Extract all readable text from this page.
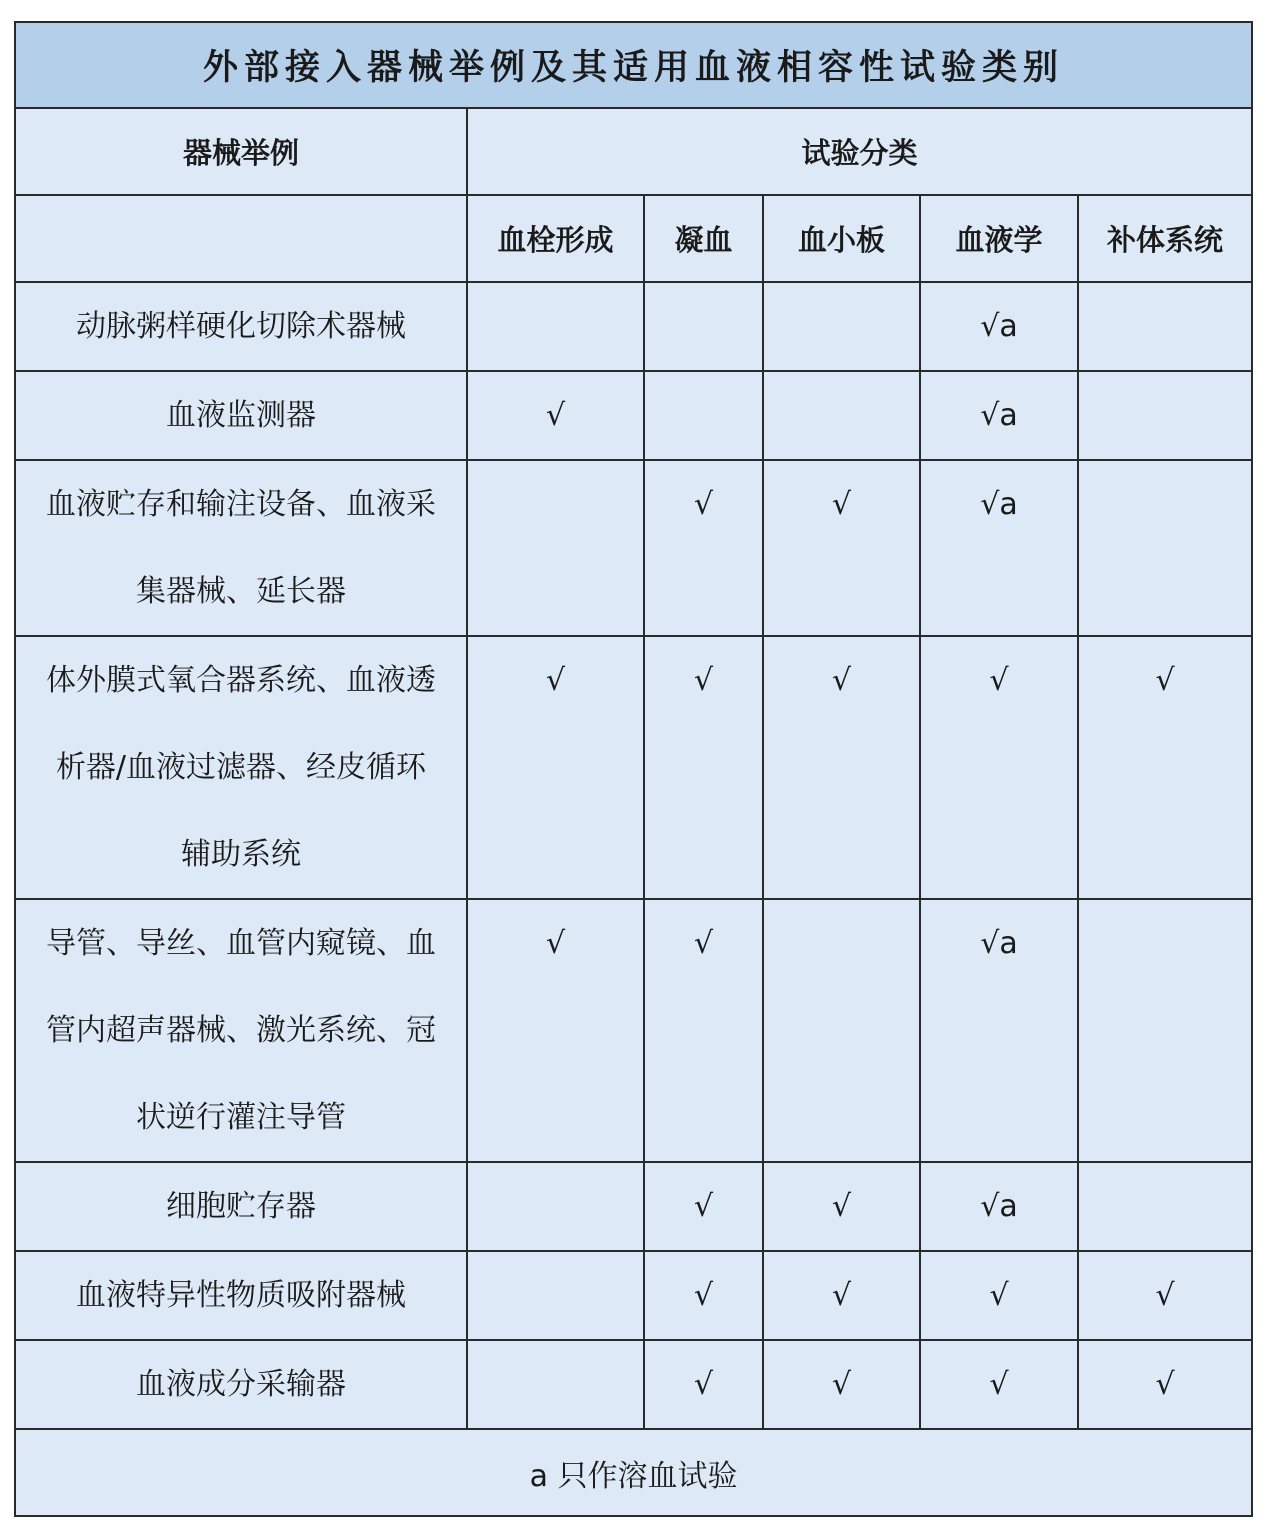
外部接入器械举例及其适用血液相容性试验类别					
器械举例	试验分类				
	血栓形成	凝血	血小板	血液学	补体系统

动脉粥样硬化切除术器械				√a	

血液监测器	√			√a	

血液贮存和输注设备、血液采
集器械、延长器		√	√	√a	

体外膜式氧合器系统、血液透
析器/血液过滤器、经皮循环
辅助系统	√	√	√	√	√

导管、导丝、血管内窥镜、血
管内超声器械、激光系统、冠
状逆行灌注导管	√	√		√a	

细胞贮存器		√	√	√a	

血液特异性物质吸附器械		√	√	√	√

血液成分采输器		√	√	√	√
a 只作溶血试验					
